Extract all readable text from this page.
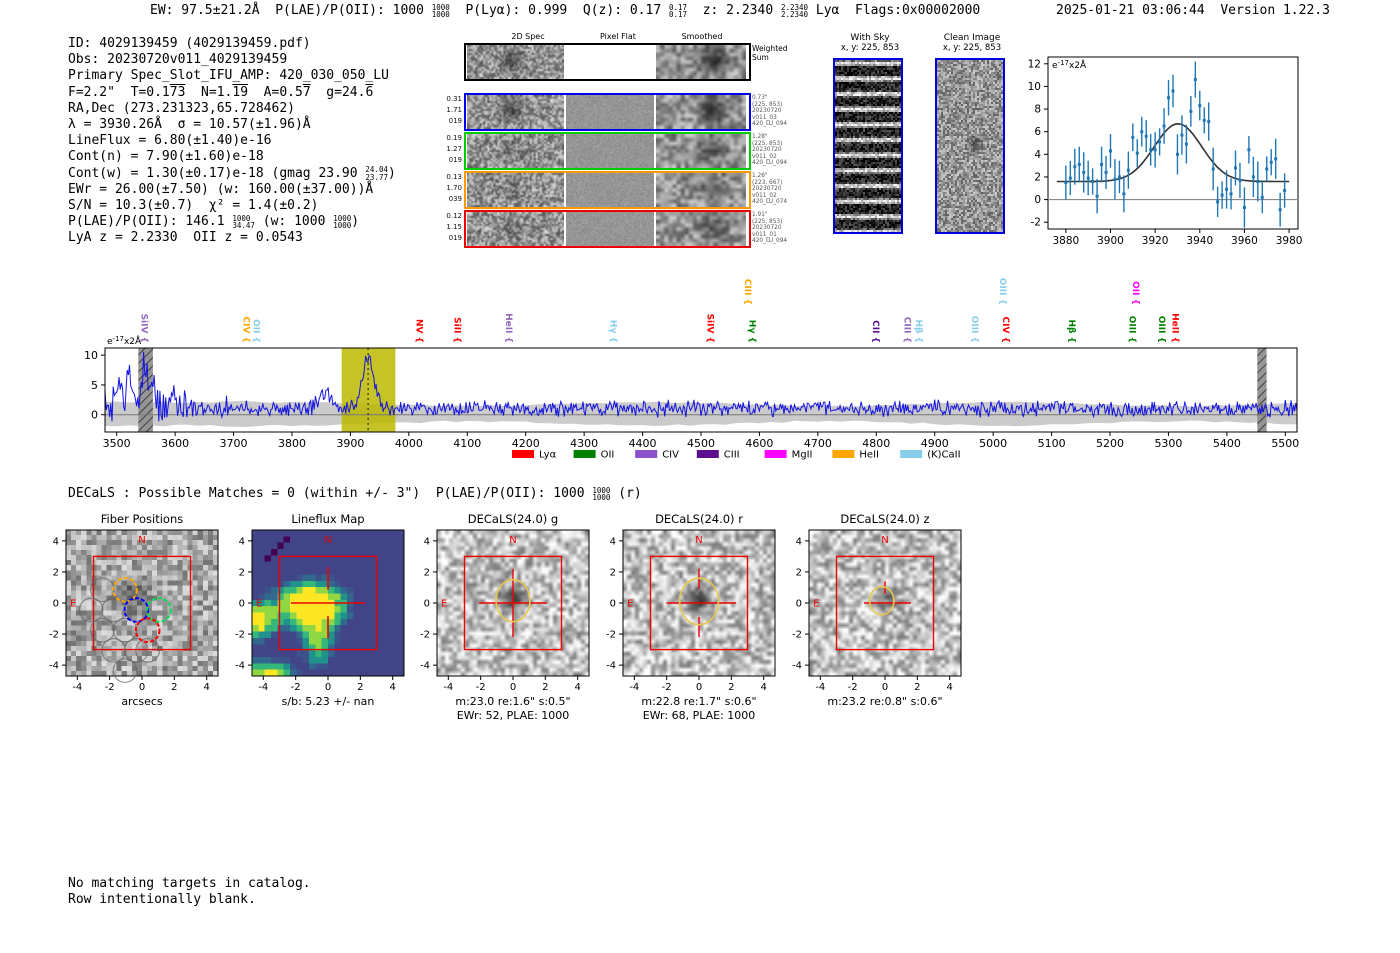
EW: 97.5±21.2Å  P(LAE)/P(OII): 1000 1000
1000 P(Lyα): 0.999  Q(z): 0.17 0.17
0.17 z: 2.2340 2.2340
2.2340 Lyα  Flags:0x00002000	2025-01-21 03:06:44  Version 1.22.3
ID: 4029139459 (4029139459.pdf)
Obs: 20230720v011_4029139459
Primary Spec_Slot_IFU_AMP: 420_030_050_LU
F=2.2"  T=0.173  N=1.19  A=0.57  g=24.6
RA,Dec (273.231323,65.728462)
λ = 3930.26Å  σ = 10.57(±1.96)Å
LineFlux = 6.80(±1.40)e-16
Cont(n) = 7.90(±1.60)e-18
Cont(w) = 1.30(±0.17)e-18 (gmag 23.90 24.04
23.77 )
EWr = 26.00(±7.50) (w: 160.00(±37.00))Å
S/N = 10.3(±0.7)  χ² = 1.4(±0.2)
P(LAE)/P(OII): 146.1 1000
34.47 (w: 1000 1000
1000 )
LyA z = 2.2330  OII z = 0.0543
2D Spec	Pixel Flat	Smoothed
Weighted
Sum
0.73"
(225, 853)
20230720
v011_03
420_LU_094
0.31
1.71
019
1.28"
(225, 853)
20230720
v011_02
420_LU_094
0.19
1.27
019
1.26"
(223, 667)
20230720
v011_02
420_LU_074
0.13
1.70
039
1.91"
(225, 853)
20230720
v011_01
420_LU_094
0.12
1.15
019
With Sky
x, y: 225, 853
Clean Image
x, y: 225, 853
3880 3900 3920 3940 3960 3980
-2
0
2
4
6
8
10
12 $e^{-17}x2Å$
3500	3600	3700	3800	3900	4000	4100	4200	4300	4400	4500	4600	4700	4800	4900	5000	5100	5200	5300	5400	5500
0
5
10
$e^{-17}x2Å$
SiIV {	CIV { OII {	NV {	SiII {	HeII {	Hγ {	SiIV {
CIII {
Hγ {	CII { CIII { Hβ {	OIII {
OIII {
CIV {	Hβ {	OIII {
OII {
OIII { HeII {
Lyα	OII	CIV	CIII	MgII	HeII	(K)CaII
DECaLS : Possible Matches = 0 (within +/- 3")  P(LAE)/P(OII): 1000 1000
1000 (r)
Fiber Positions
-4
-4
-2
-2
0
0
2
2
4
4	N
E
arcsecs
Lineflux Map
-4
-4
-2
-2
0
0
2
2
4
4	N
E
s/b: 5.23 +/- nan
DECaLS(24.0) g
-4
-4
-2
-2
0
0
2
2
4
4	N
E
m:23.0 re:1.6" s:0.5"
EWr: 52, PLAE: 1000
DECaLS(24.0) r
-4
-4
-2
-2
0
0
2
2
4
4	N
E
m:22.8 re:1.7" s:0.6"
EWr: 68, PLAE: 1000
DECaLS(24.0) z
-4
-4
-2
-2
0
0
2
2
4
4	N
E
m:23.2 re:0.8" s:0.6"
No matching targets in catalog.
Row intentionally blank.
